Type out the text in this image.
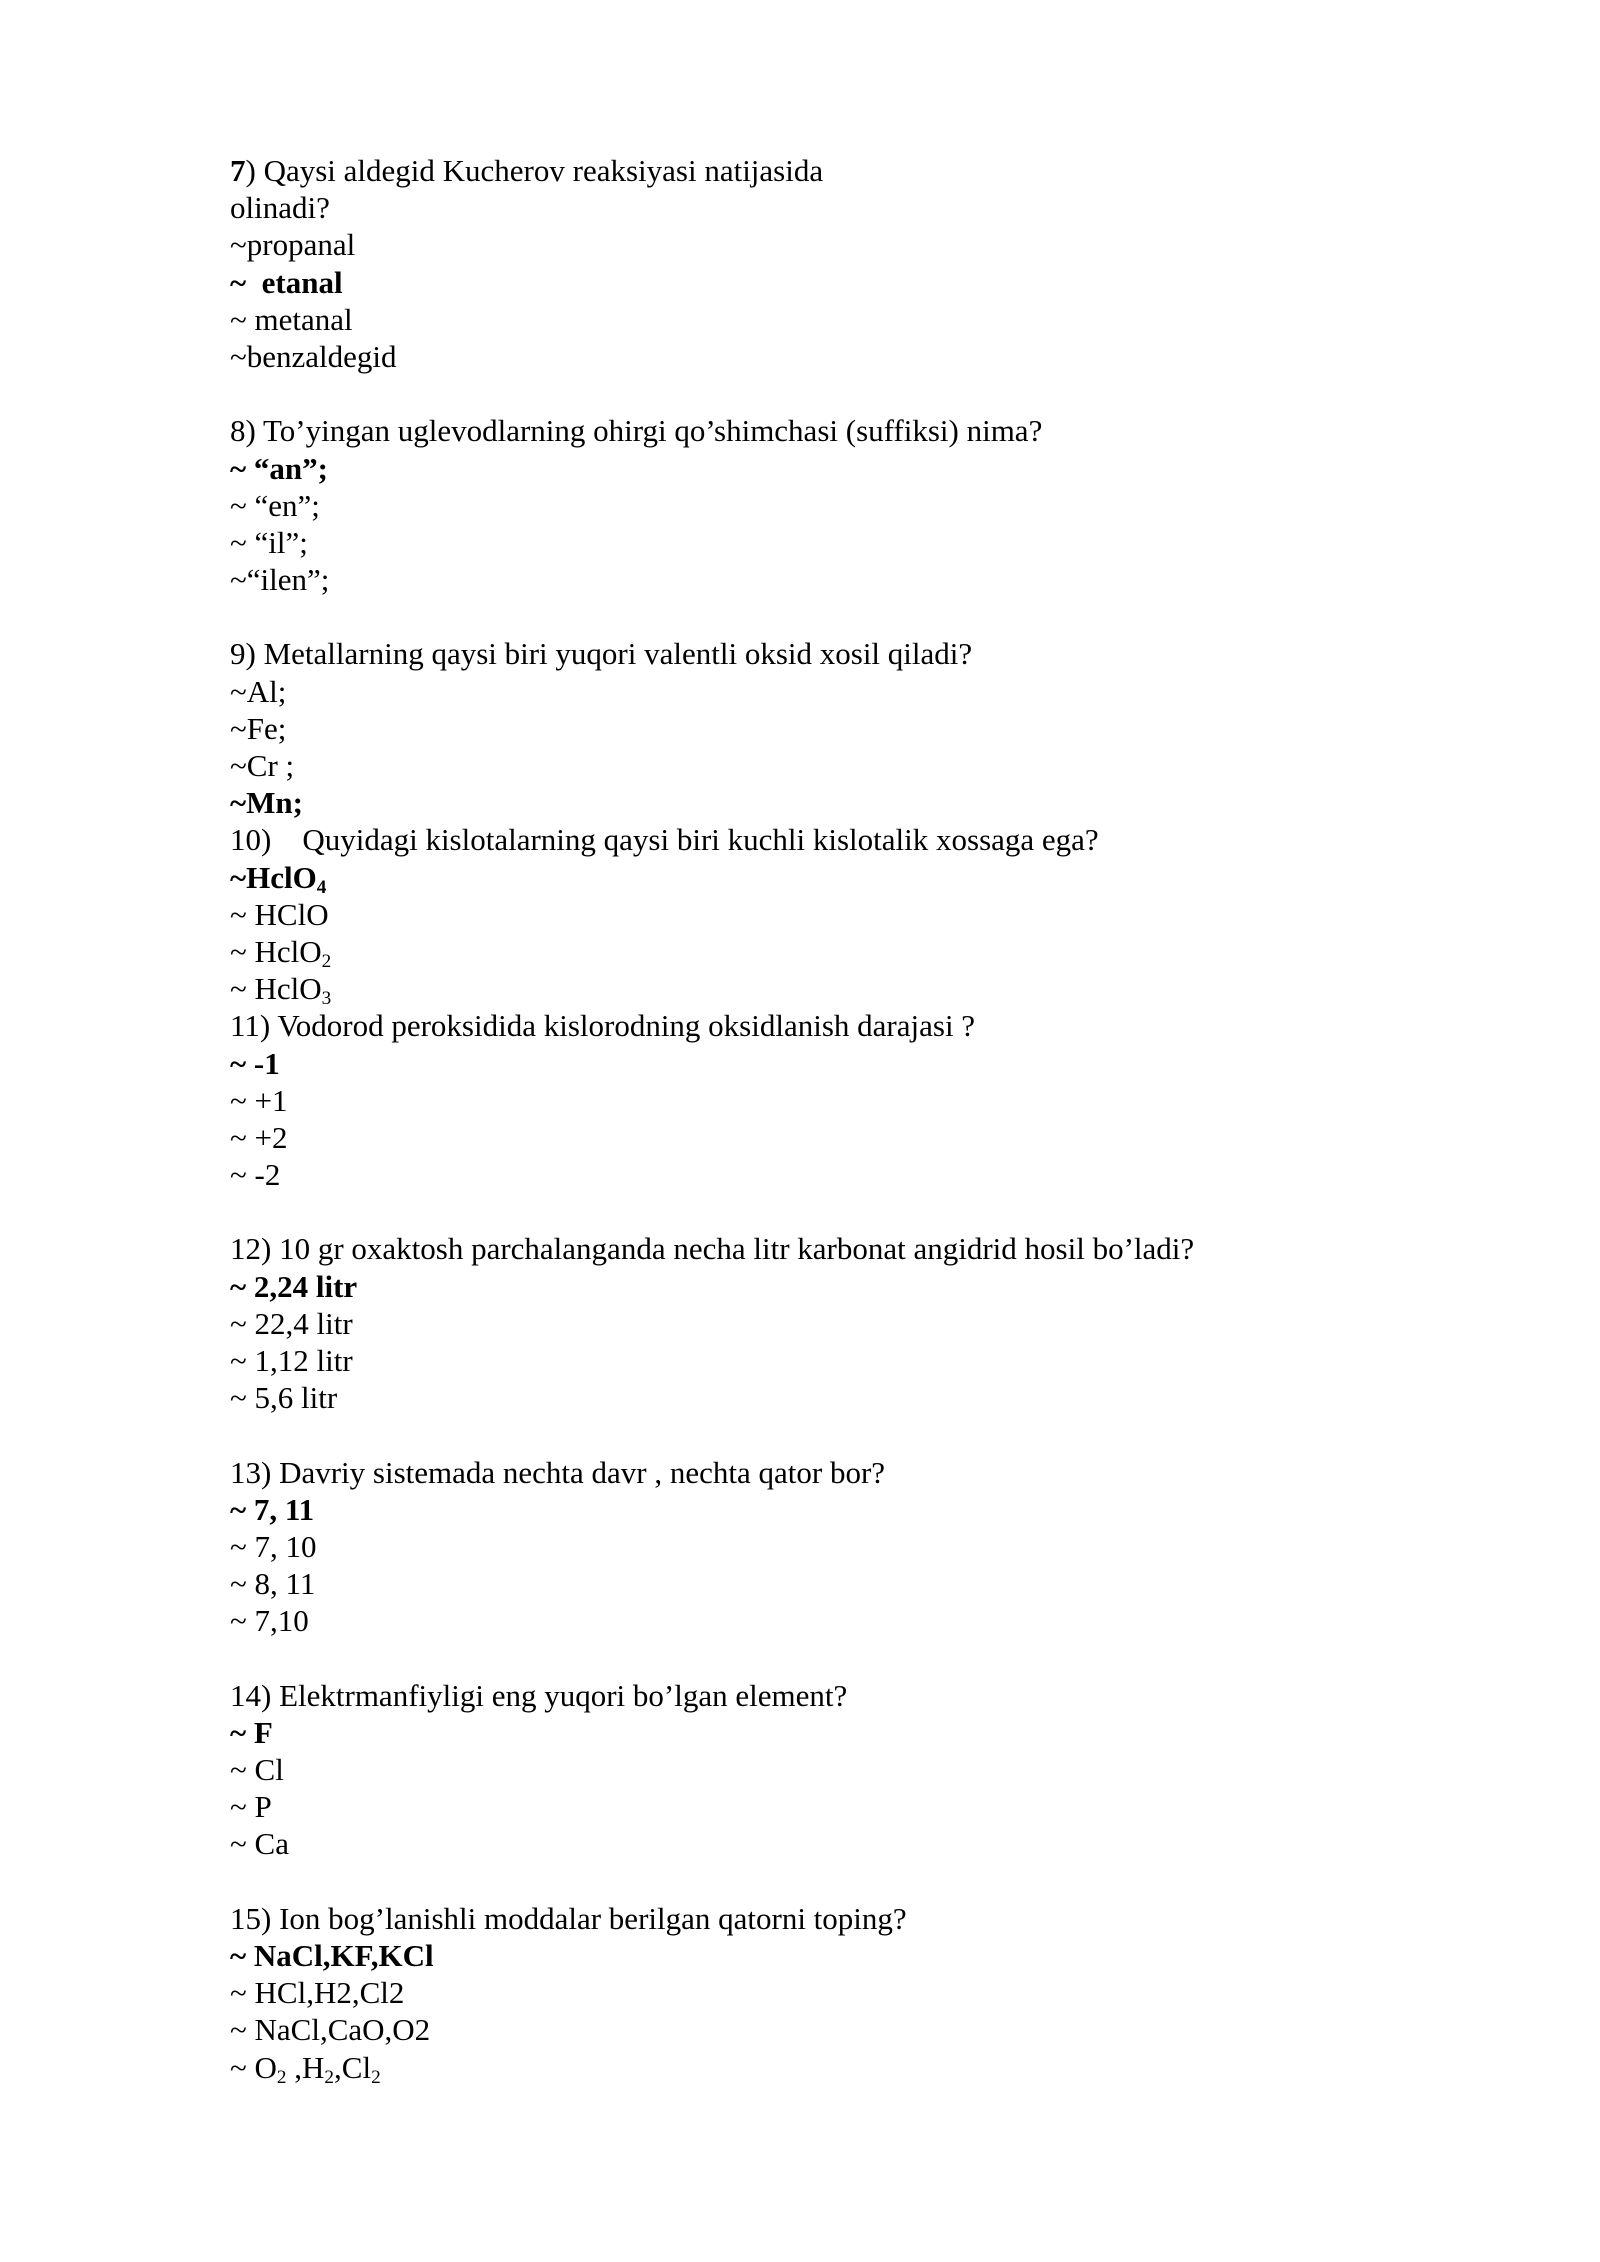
7) Qaysi aldegid Kucherov reaksiyasi natijasida
olinadi?
~propanal
~  etanal
~ metanal
~benzaldegid
8) To’yingan uglevodlarning ohirgi qo’shimchasi (suffiksi) nima?
~ “an”;
~ “en”;
~ “il”;
~“ilen”;
9) Metallarning qaysi biri yuqori valentli oksid xosil qiladi?
~Al;
~Fe;
~Cr ;
~Mn;
10)    Quyidagi kislotalarning qaysi biri kuchli kislotalik xossaga ega?
~HclO$_4$
~ HClO
~ HclO$_2$
~ HclO$_3$
11) Vodorod peroksidida kislorodning oksidlanish darajasi ?
~ -1
~ +1
~ +2
~ -2
12) 10 gr oxaktosh parchalanganda necha litr karbonat angidrid hosil bo’ladi?
~ 2,24 litr
~ 22,4 litr
~ 1,12 litr
~ 5,6 litr
13) Davriy sistemada nechta davr , nechta qator bor?
~ 7, 11
~ 7, 10
~ 8, 11
~ 7,10
14) Elektrmanfiyligi eng yuqori bo’lgan element?
~ F
~ Cl
~ P
~ Ca
15) Ion bog’lanishli moddalar berilgan qatorni toping?
~ NaCl,KF,KCl
~ HCl,H2,Cl2
~ NaCl,CaO,O2
~ $O_2$ $,H_2,Cl_2$
